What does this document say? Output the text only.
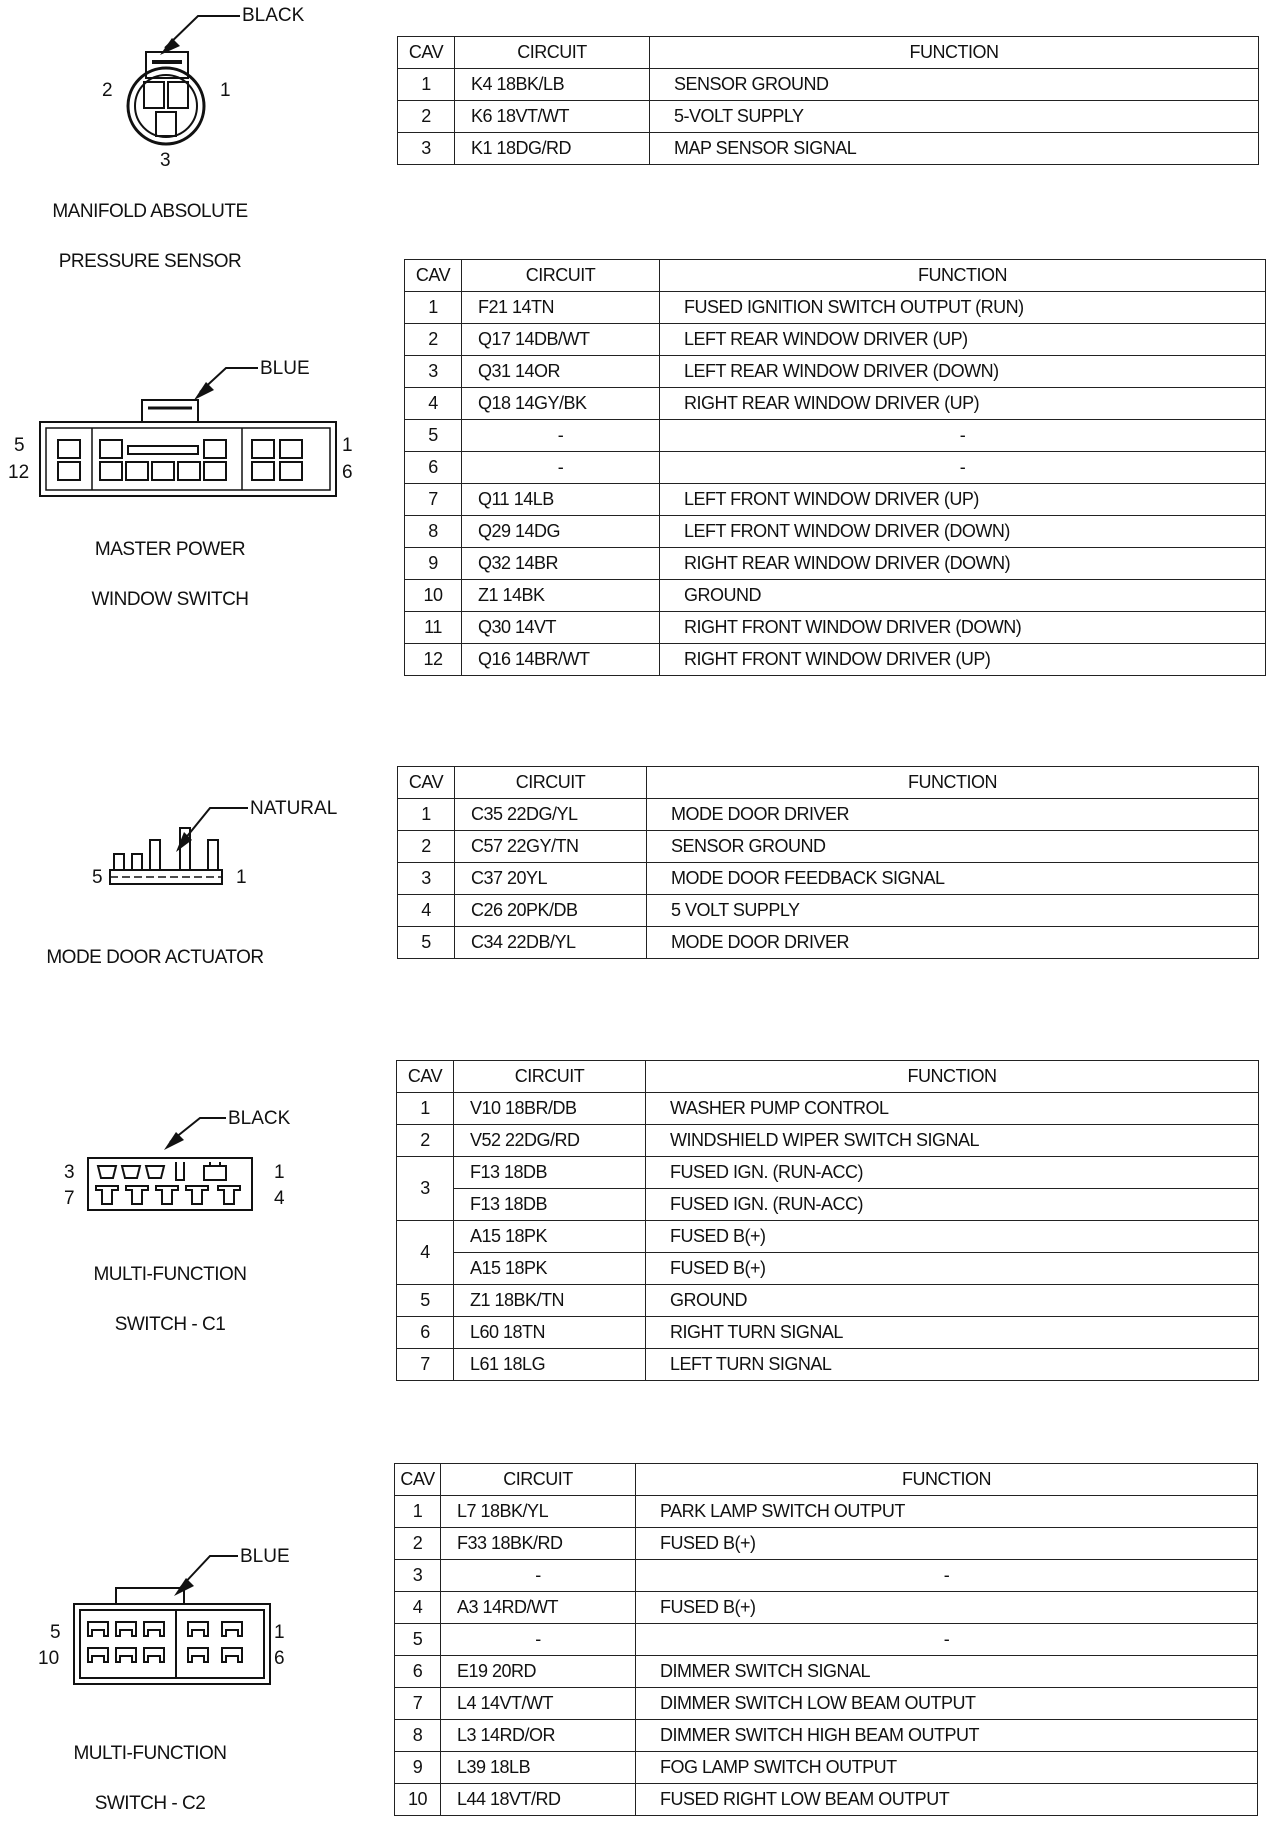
BLACK
2	1
3

MANIFOLD ABSOLUTE

PRESSURE SENSOR

CAV	CIRCUIT	FUNCTION
1	K4 18BK/LB	SENSOR GROUND
2	K6 18VT/WT	5-VOLT SUPPLY
3	K1 18DG/RD	MAP SENSOR SIGNAL
BLUE
5
12
1
6

MASTER POWER

WINDOW SWITCH

CAV	CIRCUIT	FUNCTION
1	F21 14TN	FUSED IGNITION SWITCH OUTPUT (RUN)
2	Q17 14DB/WT	LEFT REAR WINDOW DRIVER (UP)
3	Q31 14OR	LEFT REAR WINDOW DRIVER (DOWN)
4	Q18 14GY/BK	RIGHT REAR WINDOW DRIVER (UP)
5	-	-
6	-	-
7	Q11 14LB	LEFT FRONT WINDOW DRIVER (UP)
8	Q29 14DG	LEFT FRONT WINDOW DRIVER (DOWN)
9	Q32 14BR	RIGHT REAR WINDOW DRIVER (DOWN)
10	Z1 14BK	GROUND
11	Q30 14VT	RIGHT FRONT WINDOW DRIVER (DOWN)
12	Q16 14BR/WT	RIGHT FRONT WINDOW DRIVER (UP)
NATURAL
5	1

MODE DOOR ACTUATOR

CAV	CIRCUIT	FUNCTION
1	C35 22DG/YL	MODE DOOR DRIVER
2	C57 22GY/TN	SENSOR GROUND
3	C37 20YL	MODE DOOR FEEDBACK SIGNAL
4	C26 20PK/DB	5 VOLT SUPPLY
5	C34 22DB/YL	MODE DOOR DRIVER
BLACK
3
7
1
4

MULTI-FUNCTION

SWITCH - C1

CAV	CIRCUIT	FUNCTION
1	V10 18BR/DB	WASHER PUMP CONTROL
2	V52 22DG/RD	WINDSHIELD WIPER SWITCH SIGNAL
3	F13 18DB	FUSED IGN. (RUN-ACC)
	F13 18DB	FUSED IGN. (RUN-ACC)
4	A15 18PK	FUSED B(+)
	A15 18PK	FUSED B(+)
5	Z1 18BK/TN	GROUND
6	L60 18TN	RIGHT TURN SIGNAL
7	L61 18LG	LEFT TURN SIGNAL
BLUE
5
10
1
6

MULTI-FUNCTION

SWITCH - C2

CAV	CIRCUIT	FUNCTION
1	L7 18BK/YL	PARK LAMP SWITCH OUTPUT
2	F33 18BK/RD	FUSED B(+)
3	-	-
4	A3 14RD/WT	FUSED B(+)
5	-	-
6	E19 20RD	DIMMER SWITCH SIGNAL
7	L4 14VT/WT	DIMMER SWITCH LOW BEAM OUTPUT
8	L3 14RD/OR	DIMMER SWITCH HIGH BEAM OUTPUT
9	L39 18LB	FOG LAMP SWITCH OUTPUT
10	L44 18VT/RD	FUSED RIGHT LOW BEAM OUTPUT
